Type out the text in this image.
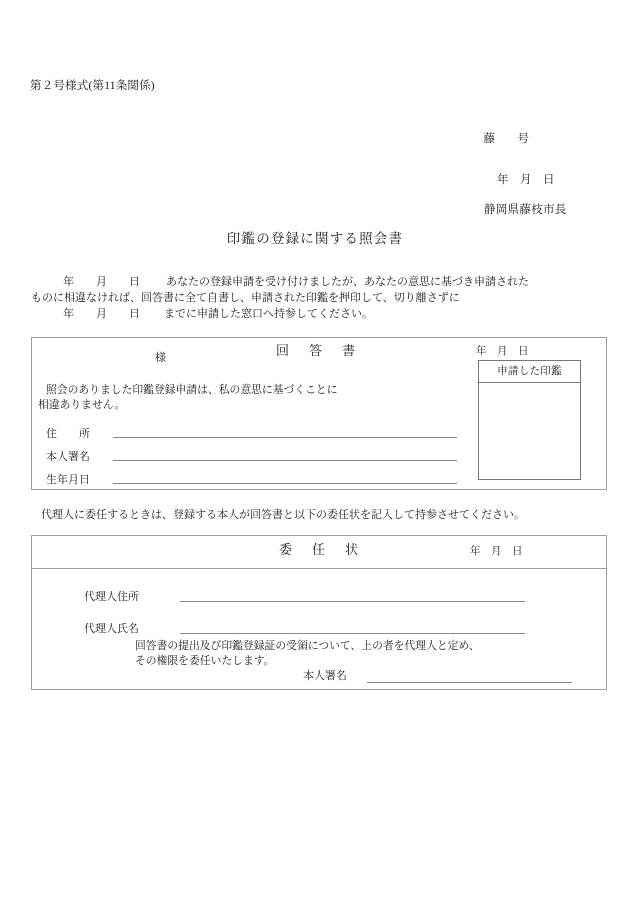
第２号様式(第11条関係)

藤 号

年　月　日
静岡県藤枝市長
印鑑の登録に関する照会書
年　　月　　日 あなたの登録申請を受け付けましたが、あなたの意思に基づき申請された
ものに相違なければ、回答書に全て自書し、申請された印鑑を押印して、切り離さずに
年　　月　　日 までに申請した窓口へ持参してください。
様	回　答　書	年　月　日
照会のありました印鑑登録申請は、私の意思に基づくことに
相違ありません。
申請した印鑑
住　　所
本人署名
生年月日
代理人に委任するときは、登録する本人が回答書と以下の委任状を記入して持参させてください。
委　任　状	年　月　日
代理人住所
代理人氏名
回答書の提出及び印鑑登録証の受領について、上の者を代理人と定め、
その権限を委任いたします。
本人署名
